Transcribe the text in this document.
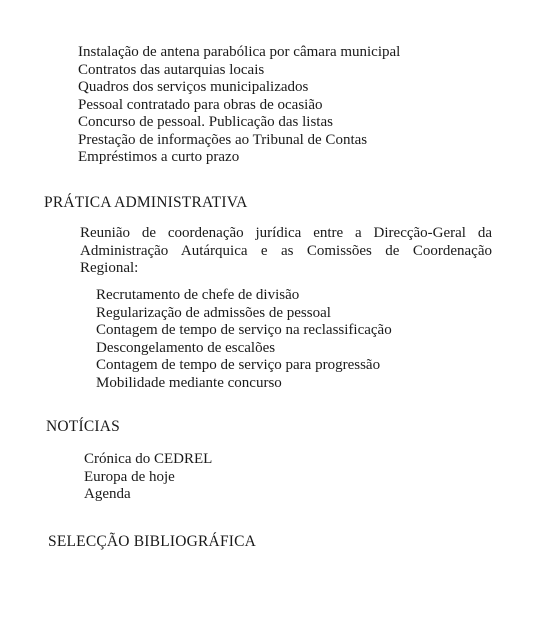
Instalação de antena parabólica por câmara municipal
Contratos das autarquias locais
Quadros dos serviços municipalizados
Pessoal contratado para obras de ocasião
Concurso de pessoal. Publicação das listas
Prestação de informações ao Tribunal de Contas
Empréstimos a curto prazo
PRÁTICA ADMINISTRATIVA
Reunião de coordenação jurídica entre a Direcção-Geral da
Administração Autárquica e as Comissões de Coordenação
Regional:
Recrutamento de chefe de divisão
Regularização de admissões de pessoal
Contagem de tempo de serviço na reclassificação
Descongelamento de escalões
Contagem de tempo de serviço para progressão
Mobilidade mediante concurso
NOTÍCIAS
Crónica do CEDREL
Europa de hoje
Agenda
SELECÇÃO BIBLIOGRÁFICA
